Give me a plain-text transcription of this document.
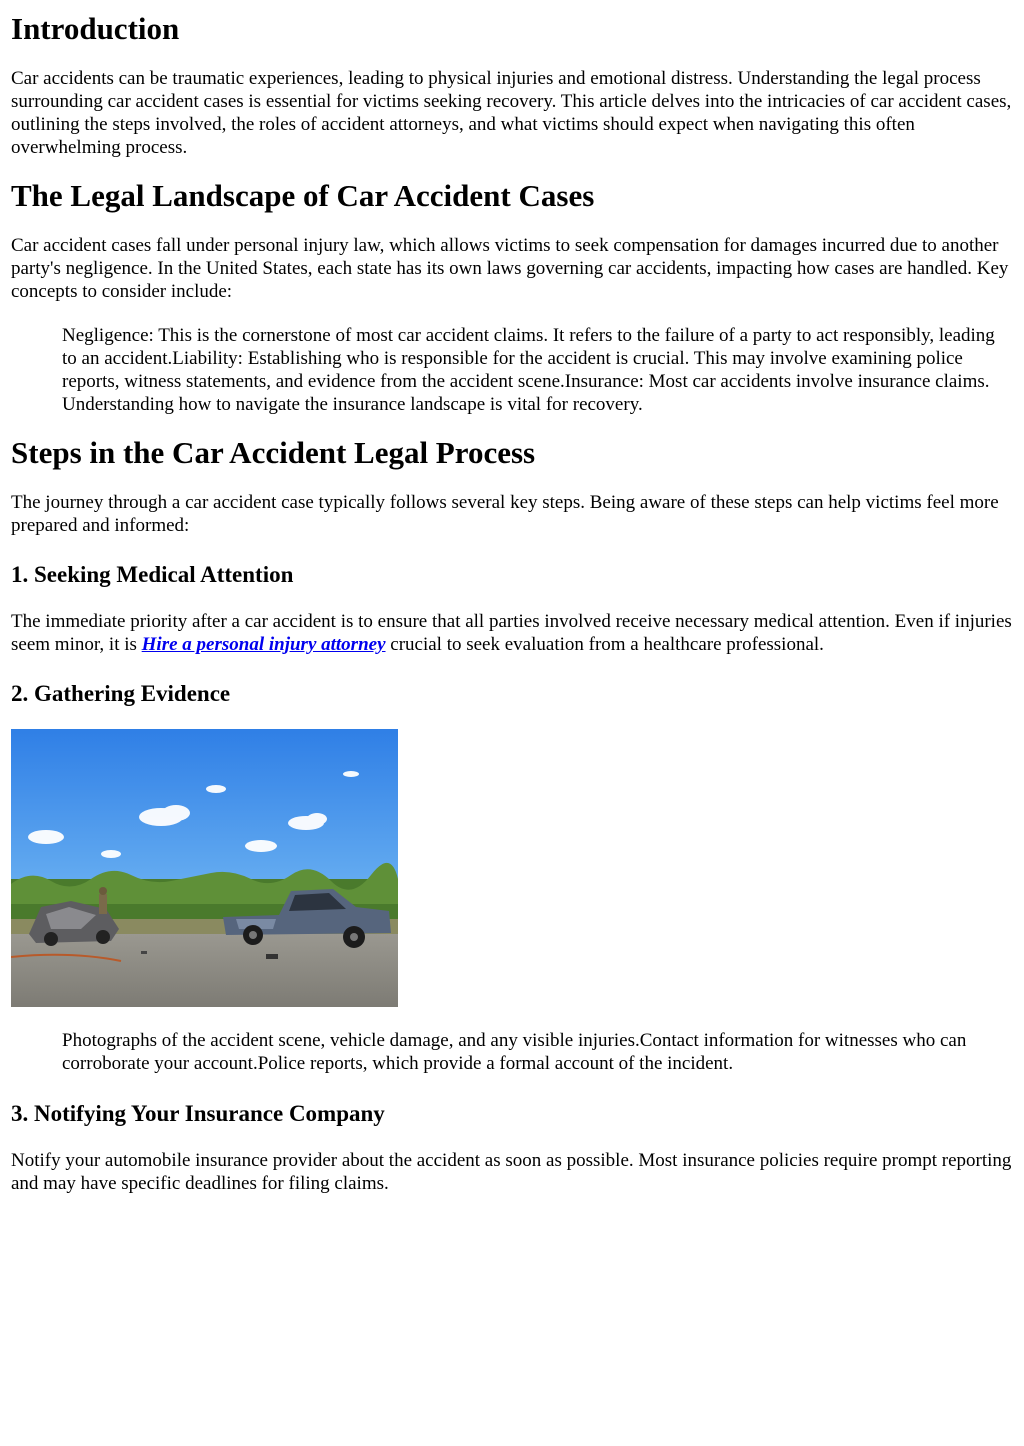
Introduction

Car accidents can be traumatic experiences, leading to physical injuries and emotional distress. Understanding the legal process surrounding car accident cases is essential for victims seeking recovery. This article delves into the intricacies of car accident cases, outlining the steps involved, the roles of accident attorneys, and what victims should expect when navigating this often overwhelming process.

The Legal Landscape of Car Accident Cases

Car accident cases fall under personal injury law, which allows victims to seek compensation for damages incurred due to another party's negligence. In the United States, each state has its own laws governing car accidents, impacting how cases are handled. Key concepts to consider include:

Negligence: This is the cornerstone of most car accident claims. It refers to the failure of a party to act responsibly, leading to an accident.Liability: Establishing who is responsible for the accident is crucial. This may involve examining police reports, witness statements, and evidence from the accident scene.Insurance: Most car accidents involve insurance claims. Understanding how to navigate the insurance landscape is vital for recovery.
Steps in the Car Accident Legal Process

The journey through a car accident case typically follows several key steps. Being aware of these steps can help victims feel more prepared and informed:

1. Seeking Medical Attention

The immediate priority after a car accident is to ensure that all parties involved receive necessary medical attention. Even if injuries seem minor, it is Hire a personal injury attorney crucial to seek evaluation from a healthcare professional.

2. Gathering Evidence
Photographs of the accident scene, vehicle damage, and any visible injuries.Contact information for witnesses who can corroborate your account.Police reports, which provide a formal account of the incident.
3. Notifying Your Insurance Company

Notify your automobile insurance provider about the accident as soon as possible. Most insurance policies require prompt reporting and may have specific deadlines for filing claims.
